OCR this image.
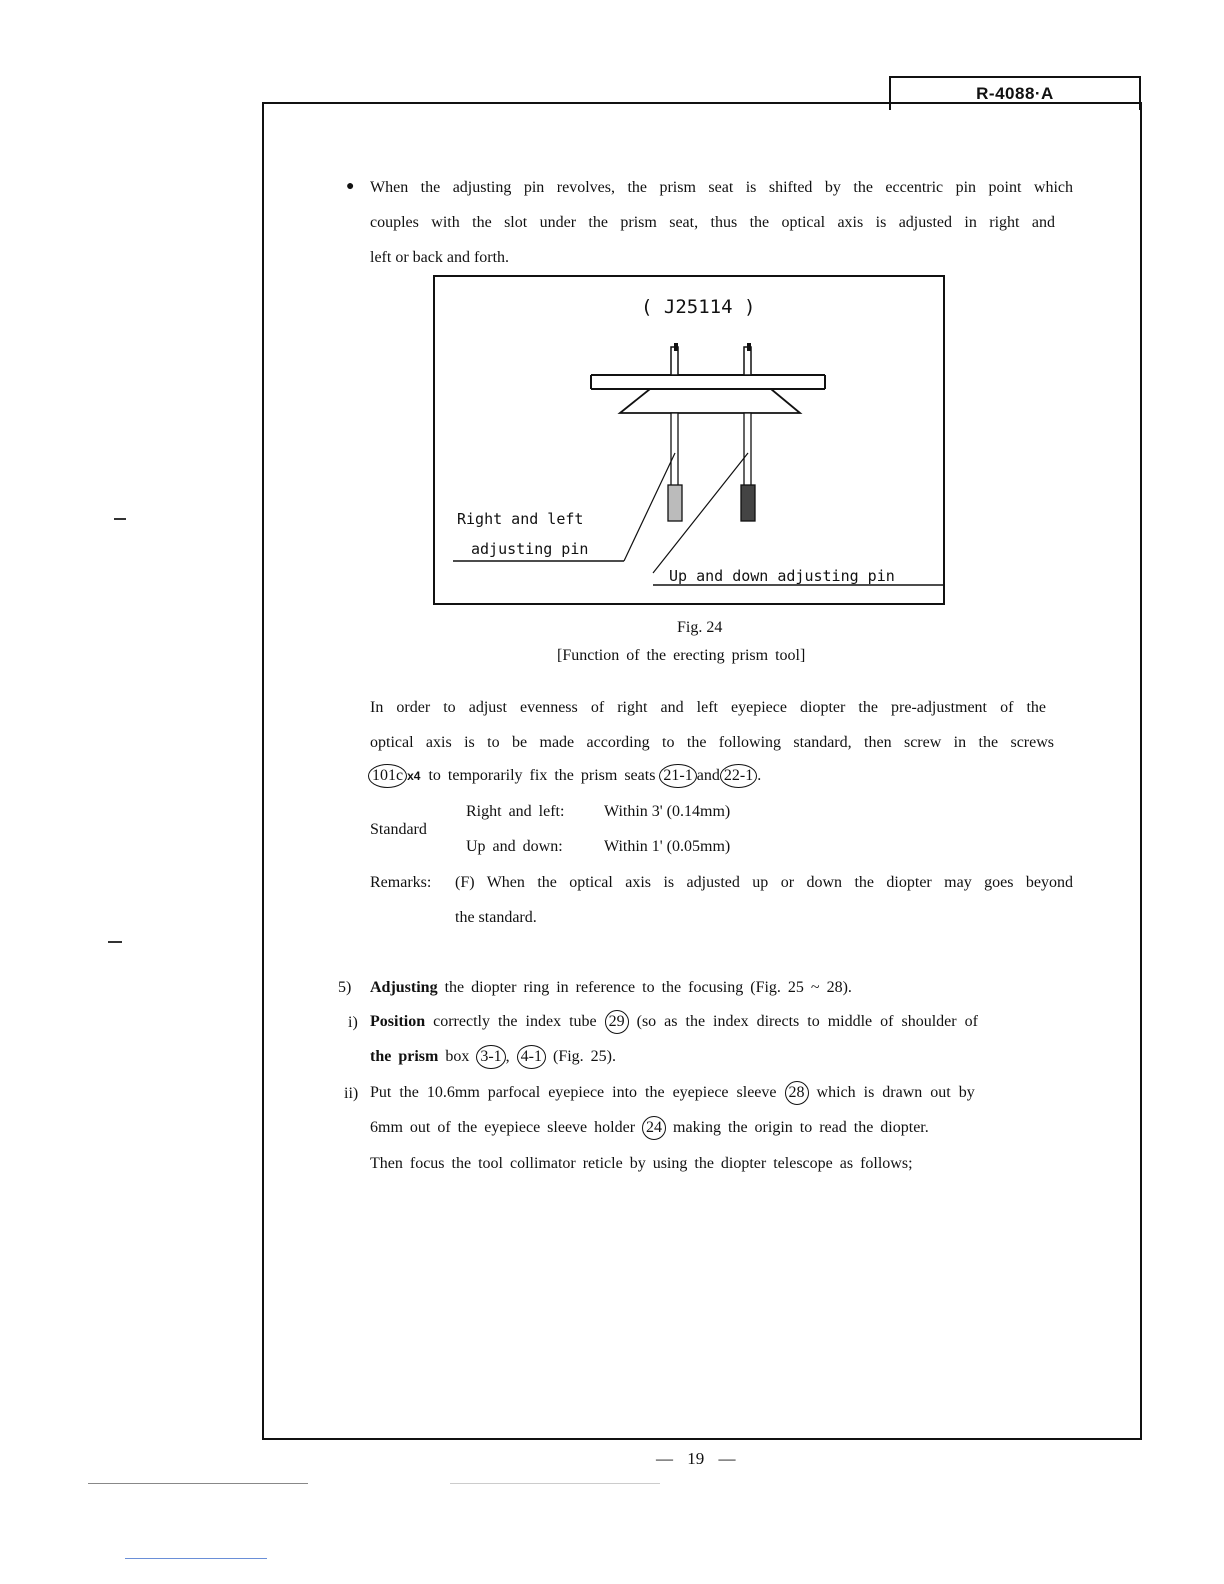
R-4088·A
● When the adjusting pin revolves, the prism seat is shifted by the eccentric pin point which
couples with the slot under the prism seat, thus the optical axis is adjusted in right and
left or back and forth.
( J25114 )
Right and left
adjusting pin
Up and down adjusting pin
Fig. 24
[Function of the erecting prism tool]
In order to adjust evenness of right and left eyepiece diopter the pre-adjustment of the
optical axis is to be made according to the following standard, then screw in the screws
101c x4 to temporarily fix the prism seats 21-1 and 22-1 .
Standard
Right and left: Within 3' (0.14mm)
Up and down:	Within 1' (0.05mm)
Remarks: (F) When the optical axis is adjusted up or down the diopter may goes beyond
the standard.
5) Adjusting the diopter ring in reference to the focusing (Fig. 25 ~ 28).
i) Position correctly the index tube 29 (so as the index directs to middle of shoulder of
the prism box 3-1 , 4-1 (Fig. 25).
ii) Put the 10.6mm parfocal eyepiece into the eyepiece sleeve 28 which is drawn out by
6mm out of the eyepiece sleeve holder 24 making the origin to read the diopter.
Then focus the tool collimator reticle by using the diopter telescope as follows;
— 19 —
